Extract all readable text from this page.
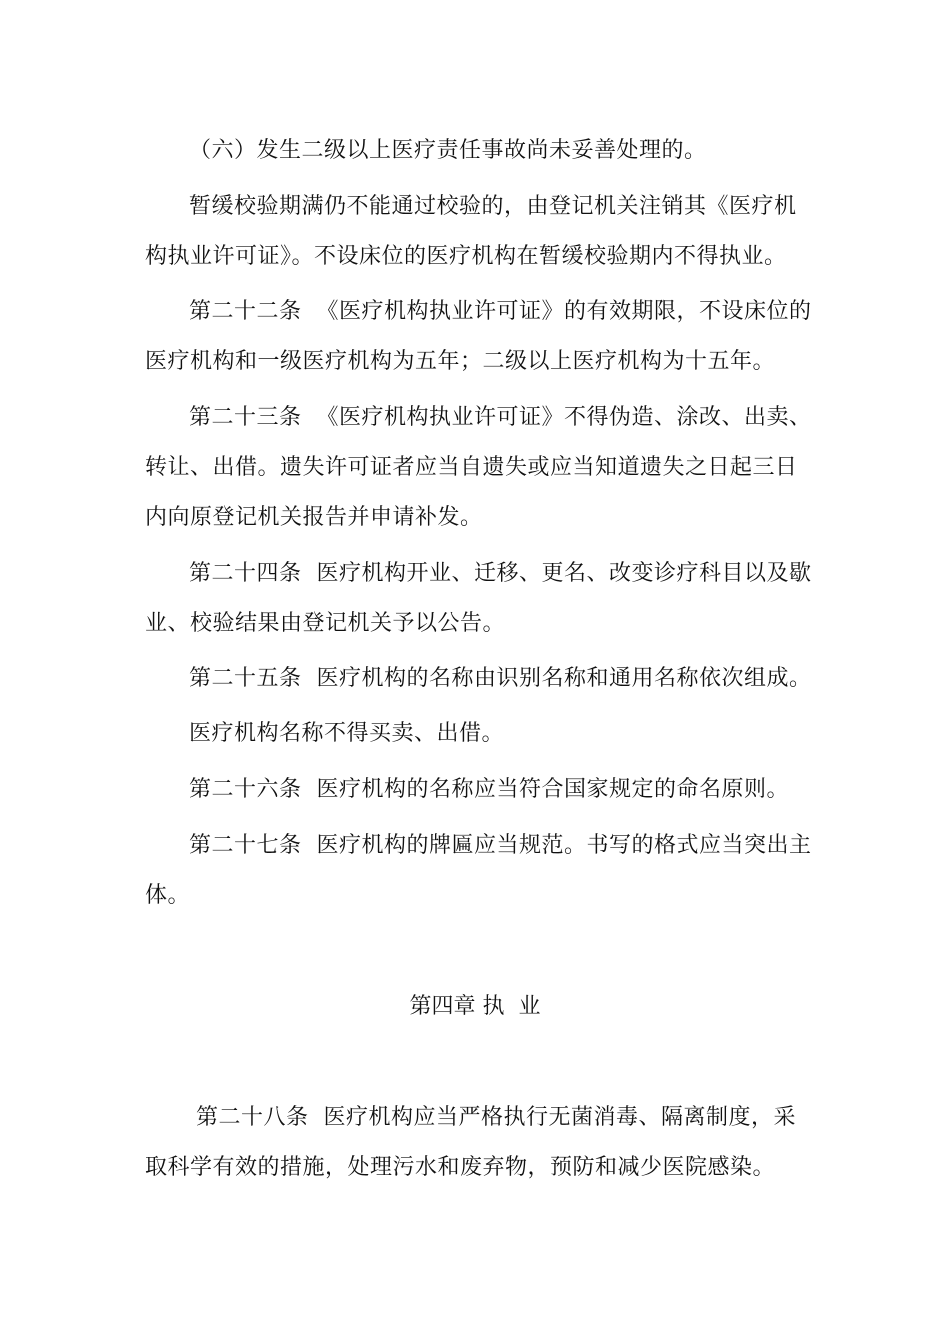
（六）发生二级以上医疗责任事故尚未妥善处理的。
暂缓校验期满仍不能通过校验的，由登记机关注销其《医疗机
构执业许可证》。不设床位的医疗机构在暂缓校验期内不得执业。
第二十二条  《医疗机构执业许可证》的有效期限，不设床位的
医疗机构和一级医疗机构为五年；二级以上医疗机构为十五年。
第二十三条  《医疗机构执业许可证》不得伪造、涂改、出卖、
转让、出借。遗失许可证者应当自遗失或应当知道遗失之日起三日
内向原登记机关报告并申请补发。
第二十四条  医疗机构开业、迁移、更名、改变诊疗科目以及歇
业、校验结果由登记机关予以公告。
第二十五条  医疗机构的名称由识别名称和通用名称依次组成。
医疗机构名称不得买卖、出借。
第二十六条  医疗机构的名称应当符合国家规定的命名原则。
第二十七条  医疗机构的牌匾应当规范。书写的格式应当突出主
体。
第四章 执  业
第二十八条  医疗机构应当严格执行无菌消毒、隔离制度，采
取科学有效的措施，处理污水和废弃物，预防和减少医院感染。
